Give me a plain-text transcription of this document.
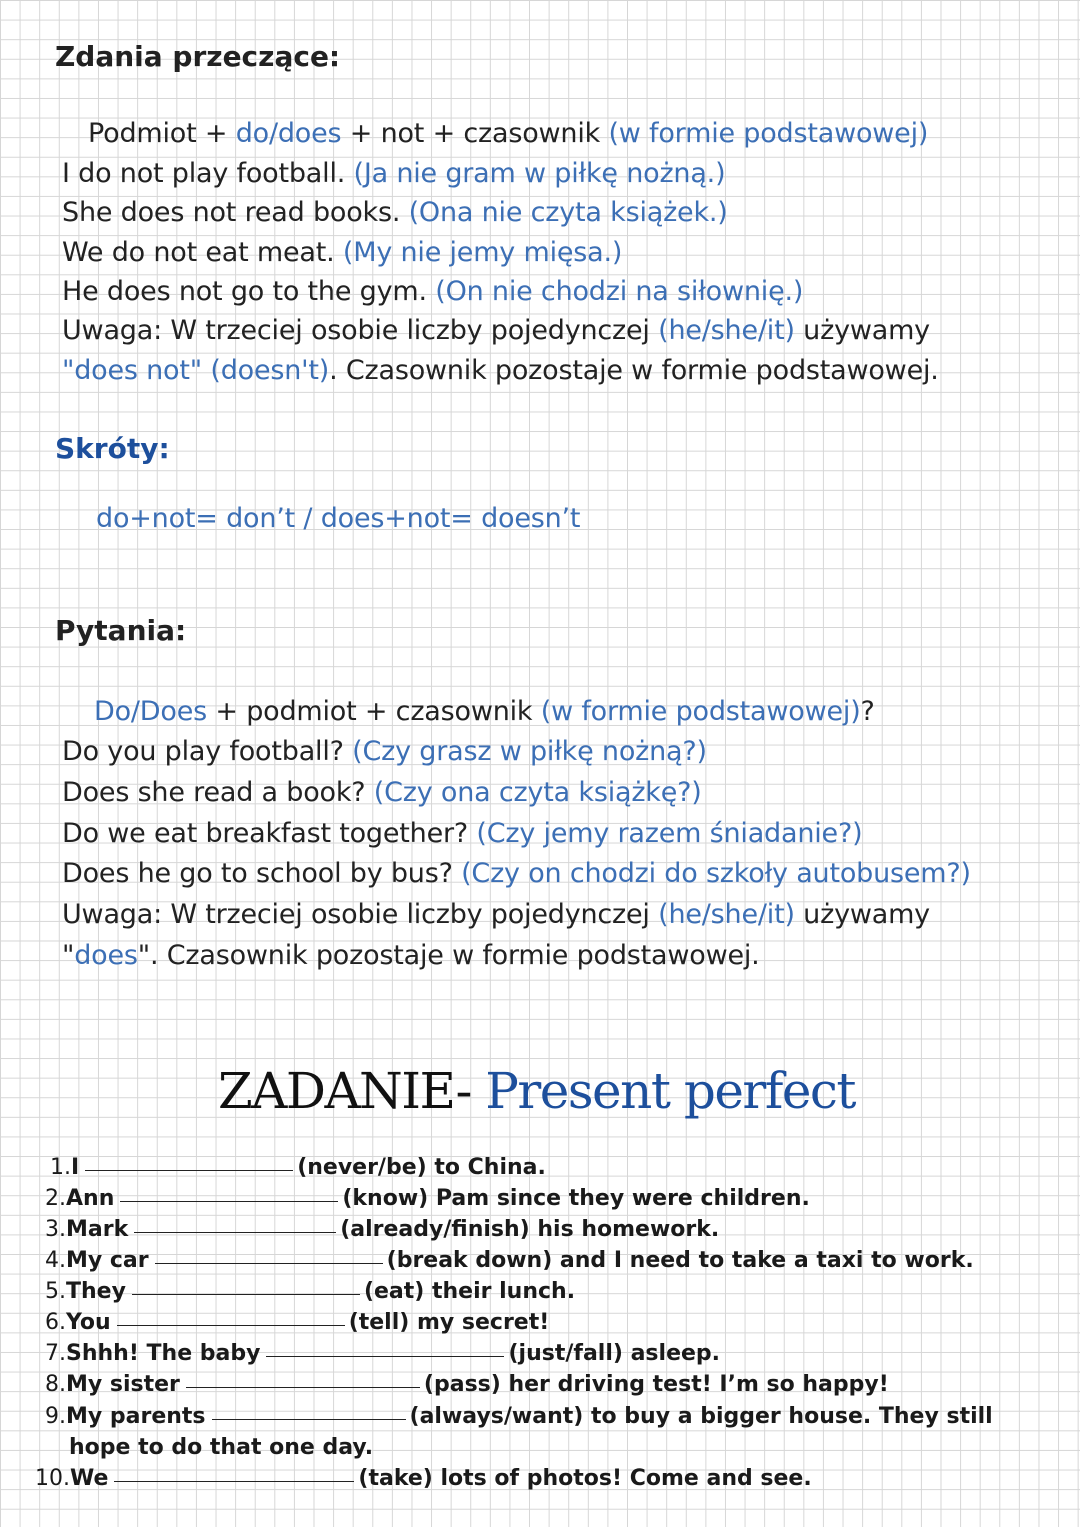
Zdania przeczące:
Podmiot + do/does + not + czasownik (w formie podstawowej)
I do not play football. (Ja nie gram w piłkę nożną.)
She does not read books. (Ona nie czyta książek.)
We do not eat meat. (My nie jemy mięsa.)
He does not go to the gym. (On nie chodzi na siłownię.)
Uwaga: W trzeciej osobie liczby pojedynczej (he/she/it) używamy
"does not" (doesn't). Czasownik pozostaje w formie podstawowej.
Skróty:
do+not= don’t / does+not= doesn’t
Pytania:
Do/Does + podmiot + czasownik (w formie podstawowej)?
Do you play football? (Czy grasz w piłkę nożną?)
Does she read a book? (Czy ona czyta książkę?)
Do we eat breakfast together? (Czy jemy razem śniadanie?)
Does he go to school by bus? (Czy on chodzi do szkoły autobusem?)
Uwaga: W trzeciej osobie liczby pojedynczej (he/she/it) używamy
"does". Czasownik pozostaje w formie podstawowej.
ZADANIE- Present perfect
1.I	(never/be) to China.
2.Ann	(know) Pam since they were children.
3.Mark	(already/finish) his homework.
4.My car	(break down) and I need to take a taxi to work.
5.They	(eat) their lunch.
6.You	(tell) my secret!
7.Shhh! The baby	(just/fall) asleep.
8.My sister	(pass) her driving test! I’m so happy!
9.My parents	(always/want) to buy a bigger house. They still
hope to do that one day.
10.We	(take) lots of photos! Come and see.
